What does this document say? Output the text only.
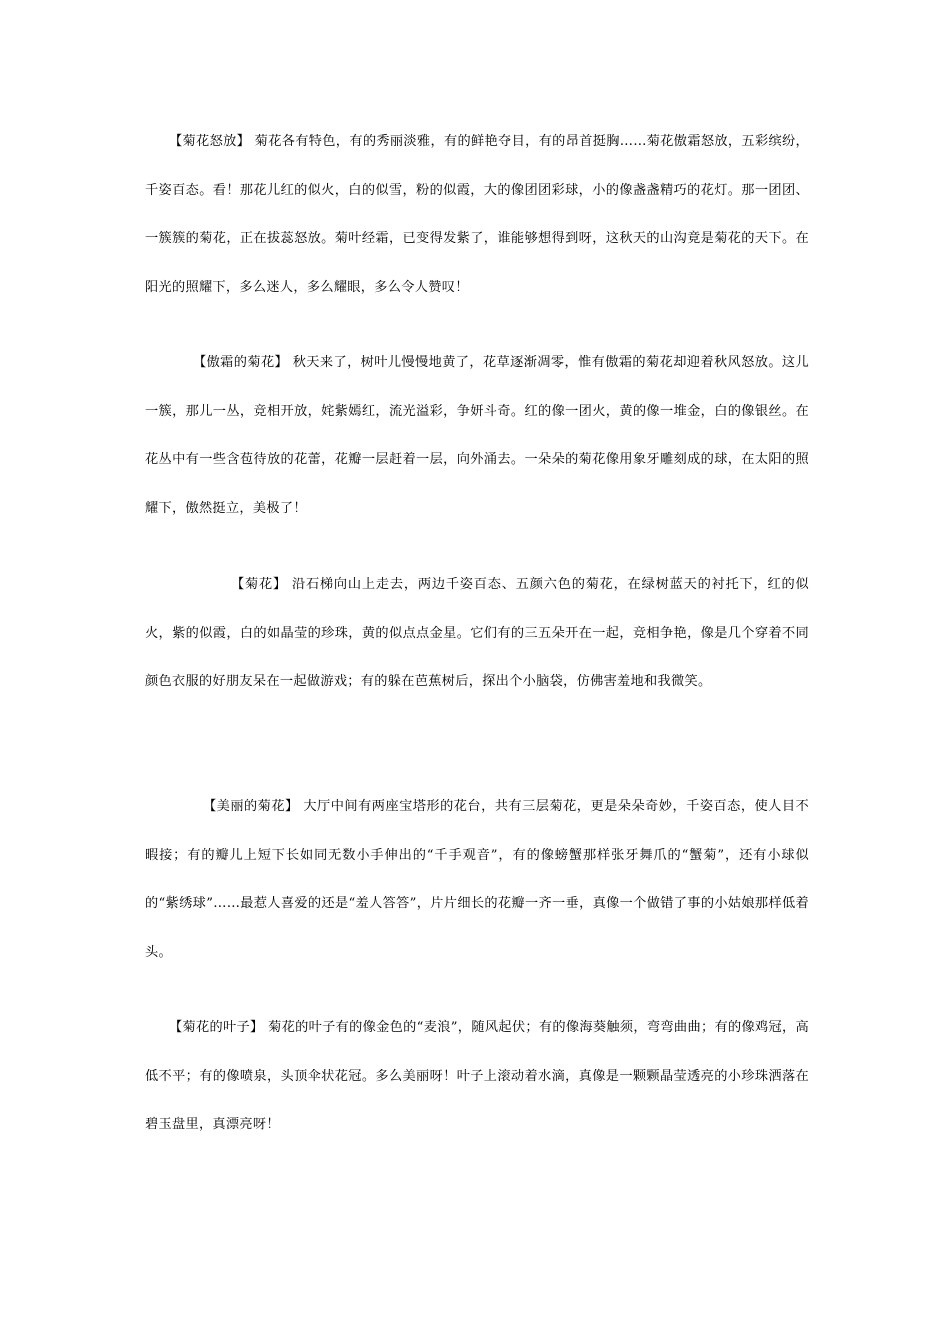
【菊花怒放】 菊花各有特色，有的秀丽淡雅，有的鲜艳夺目，有的昂首挺胸……菊花傲霜怒放，五彩缤纷，千姿百态。看！那花儿红的似火，白的似雪，粉的似霞，大的像团团彩球，小的像盏盏精巧的花灯。那一团团、一簇簇的菊花，正在拔蕊怒放。菊叶经霜，已变得发紫了，谁能够想得到呀，这秋天的山沟竟是菊花的天下。在阳光的照耀下，多么迷人，多么耀眼，多么令人赞叹！

【傲霜的菊花】 秋天来了，树叶儿慢慢地黄了，花草逐渐凋零，惟有傲霜的菊花却迎着秋风怒放。这儿一簇，那儿一丛，竞相开放，姹紫嫣红，流光溢彩，争妍斗奇。红的像一团火，黄的像一堆金，白的像银丝。在花丛中有一些含苞待放的花蕾，花瓣一层赶着一层，向外涌去。一朵朵的菊花像用象牙雕刻成的球，在太阳的照耀下，傲然挺立，美极了！

【菊花】 沿石梯向山上走去，两边千姿百态、五颜六色的菊花，在绿树蓝天的衬托下，红的似火，紫的似霞，白的如晶莹的珍珠，黄的似点点金星。它们有的三五朵开在一起，竞相争艳，像是几个穿着不同颜色衣服的好朋友呆在一起做游戏；有的躲在芭蕉树后，探出个小脑袋，仿佛害羞地和我微笑。

【美丽的菊花】 大厅中间有两座宝塔形的花台，共有三层菊花，更是朵朵奇妙，千姿百态，使人目不暇接；有的瓣儿上短下长如同无数小手伸出的“千手观音”，有的像螃蟹那样张牙舞爪的“蟹菊”，还有小球似的“紫绣球”……最惹人喜爱的还是“羞人答答”，片片细长的花瓣一齐一垂，真像一个做错了事的小姑娘那样低着头。

【菊花的叶子】 菊花的叶子有的像金色的“麦浪”，随风起伏；有的像海葵触须，弯弯曲曲；有的像鸡冠，高低不平；有的像喷泉，头顶伞状花冠。多么美丽呀！叶子上滚动着水滴，真像是一颗颗晶莹透亮的小珍珠洒落在碧玉盘里，真漂亮呀！
